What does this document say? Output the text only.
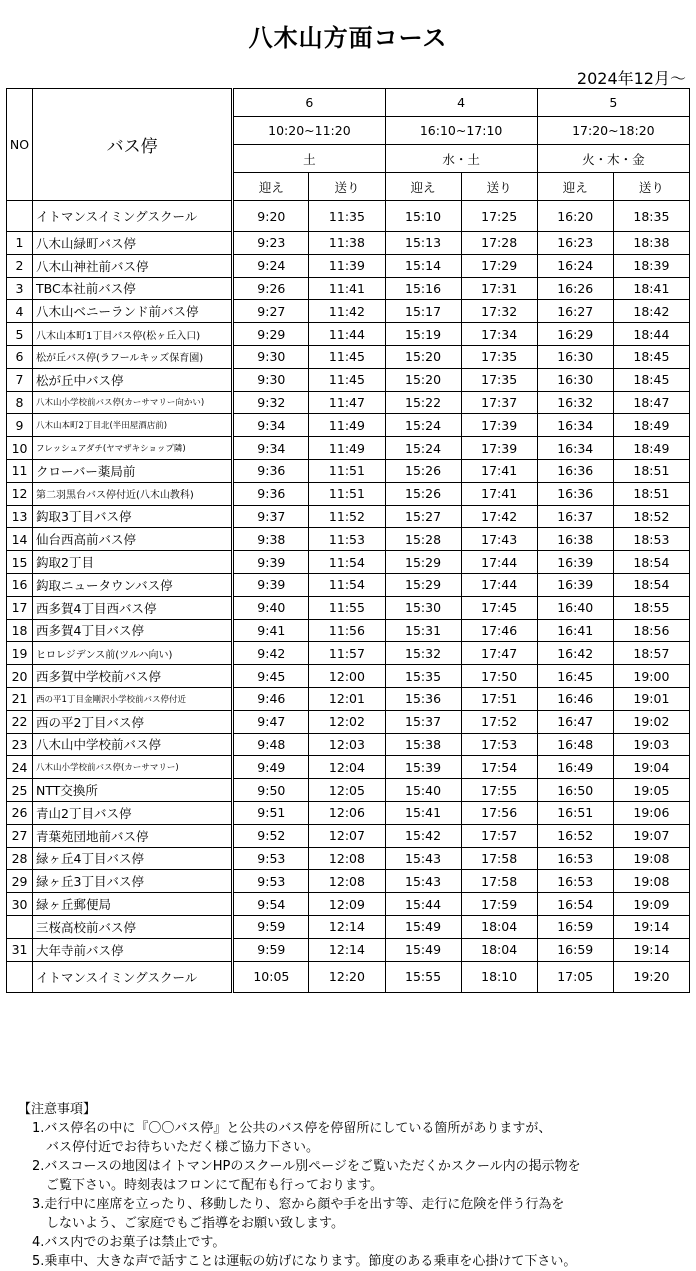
八木山方面コース
2024年12月～
NO	バス停	6		4		5	
		10:20~11:20		16:10~17:10		17:20~18:20	
		土		水・土		火・木・金	
		迎え	送り	迎え	送り	迎え	送り
	イトマンスイミングスクール	9:20	11:35	15:10	17:25	16:20	18:35
1	八木山緑町バス停	9:23	11:38	15:13	17:28	16:23	18:38
2	八木山神社前バス停	9:24	11:39	15:14	17:29	16:24	18:39
3	TBC本社前バス停	9:26	11:41	15:16	17:31	16:26	18:41
4	八木山ベニーランド前バス停	9:27	11:42	15:17	17:32	16:27	18:42
5	八木山本町1丁目バス停(松ヶ丘入口)	9:29	11:44	15:19	17:34	16:29	18:44
6	松が丘バス停(ラフールキッズ保育園)	9:30	11:45	15:20	17:35	16:30	18:45
7	松が丘中バス停	9:30	11:45	15:20	17:35	16:30	18:45
8	八木山小学校前バス停(カーサマリー向かい)	9:32	11:47	15:22	17:37	16:32	18:47
9	八木山本町2丁目北(半田屋酒店前)	9:34	11:49	15:24	17:39	16:34	18:49
10	フレッシュアダチ(ヤマザキショップ隣)	9:34	11:49	15:24	17:39	16:34	18:49
11	クローバー薬局前	9:36	11:51	15:26	17:41	16:36	18:51
12	第二羽黒台バス停付近(八木山教科)	9:36	11:51	15:26	17:41	16:36	18:51
13	鈎取3丁目バス停	9:37	11:52	15:27	17:42	16:37	18:52
14	仙台西高前バス停	9:38	11:53	15:28	17:43	16:38	18:53
15	鈎取2丁目	9:39	11:54	15:29	17:44	16:39	18:54
16	鈎取ニュータウンバス停	9:39	11:54	15:29	17:44	16:39	18:54
17	西多賀4丁目西バス停	9:40	11:55	15:30	17:45	16:40	18:55
18	西多賀4丁目バス停	9:41	11:56	15:31	17:46	16:41	18:56
19	ヒロレジデンス前(ツルハ向い)	9:42	11:57	15:32	17:47	16:42	18:57
20	西多賀中学校前バス停	9:45	12:00	15:35	17:50	16:45	19:00
21	西の平1丁目金剛沢小学校前バス停付近	9:46	12:01	15:36	17:51	16:46	19:01
22	西の平2丁目バス停	9:47	12:02	15:37	17:52	16:47	19:02
23	八木山中学校前バス停	9:48	12:03	15:38	17:53	16:48	19:03
24	八木山小学校前バス停(カーサマリー)	9:49	12:04	15:39	17:54	16:49	19:04
25	NTT交換所	9:50	12:05	15:40	17:55	16:50	19:05
26	青山2丁目バス停	9:51	12:06	15:41	17:56	16:51	19:06
27	青葉苑団地前バス停	9:52	12:07	15:42	17:57	16:52	19:07
28	緑ヶ丘4丁目バス停	9:53	12:08	15:43	17:58	16:53	19:08
29	緑ヶ丘3丁目バス停	9:53	12:08	15:43	17:58	16:53	19:08
30	緑ヶ丘郵便局	9:54	12:09	15:44	17:59	16:54	19:09
	三桜高校前バス停	9:59	12:14	15:49	18:04	16:59	19:14
31	大年寺前バス停	9:59	12:14	15:49	18:04	16:59	19:14
	イトマンスイミングスクール	10:05	12:20	15:55	18:10	17:05	19:20
【注意事項】
1.バス停名の中に『〇〇バス停』と公共のバス停を停留所にしている箇所がありますが、
バス停付近でお待ちいただく様ご協力下さい。
2.バスコースの地図はイトマンHPのスクール別ページをご覧いただくかスクール内の掲示物を
ご覧下さい。時刻表はフロンにて配布も行っております。
3.走行中に座席を立ったり、移動したり、窓から顔や手を出す等、走行に危険を伴う行為を
しないよう、ご家庭でもご指導をお願い致します。
4.バス内でのお菓子は禁止です。
5.乗車中、大きな声で話すことは運転の妨げになります。節度のある乗車を心掛けて下さい。
